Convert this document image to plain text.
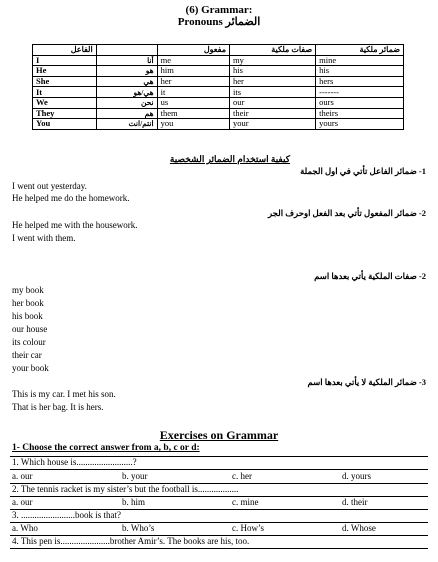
(6) Grammar:
Pronouns الضمائر
الفاعل		مفعول	صفات ملكية	ضمائر ملكية
I	أنا	me	my	mine
He	هو	him	his	his
She	هي	her	her	hers
It	هي/هو	it	its	-------
We	نحن	us	our	ours
They	هم	them	their	theirs
You	انتم/انت	you	your	yours
كيفية استخدام الضمائر الشخصية
1- ضمائر الفاعل تأتي في اول الجملة
I went out yesterday.
He helped me do the homework.
2- ضمائر المفعول تأتي بعد الفعل اوحرف الجر
He helped me with the housework.
I went with them.
2- صفات الملكية يأتي بعدها اسم
my book
her book
his book
our house
its colour
their car
your book
3- ضمائر الملكية لا يأتي بعدها اسم
This is my car. I met his son.
That is her bag. It is hers.
Exercises on Grammar
1- Choose the correct answer from a, b, c or d:
1. Which house is.........................?
a. our	b. your	c. her	d. yours
2. The tennis racket is my sister’s but the football is..................
a. our	b. him	c. mine	d. their
3. ........................book is that?
a. Who	b. Who’s	c. How’s	d. Whose
4. This pen is......................brother Amir’s. The books are his, too.
